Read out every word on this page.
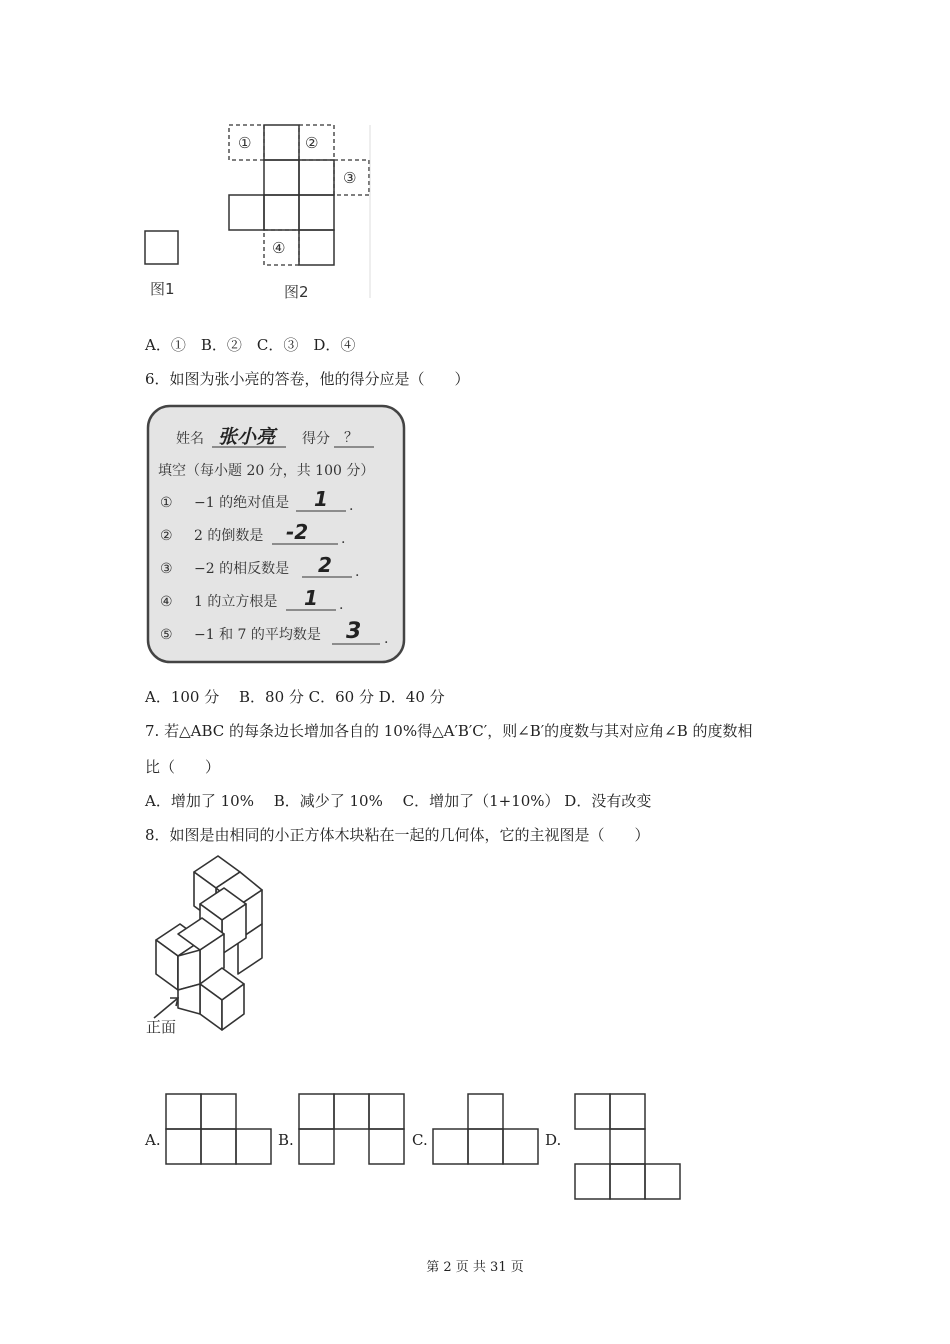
①	②
③
④
图1	图2
A．①　B．②　C．③　D．④
6．如图为张小亮的答卷，他的得分应是（　　）
姓名 张小亮 得分 ？
填空（每小题 20 分，共 100 分）
① −1 的绝对值是 1 .
② 2 的倒数是 -2 .
③ −2 的相反数是 2 .
④ 1 的立方根是 1 .
⑤ −1 和 7 的平均数是 3 .
A．100 分　 B．80 分 C．60 分 D．40 分
7. 若△ABC 的每条边长增加各自的 10%得△A′B′C′，则∠B′的度数与其对应角∠B 的度数相
比（　　）
A．增加了 10%　 B．减少了 10%　 C．增加了（1+10%） D．没有改变
8．如图是由相同的小正方体木块粘在一起的几何体，它的主视图是（　　）
正面
A.	B.	C.	D.
第 2 页 共 31 页
